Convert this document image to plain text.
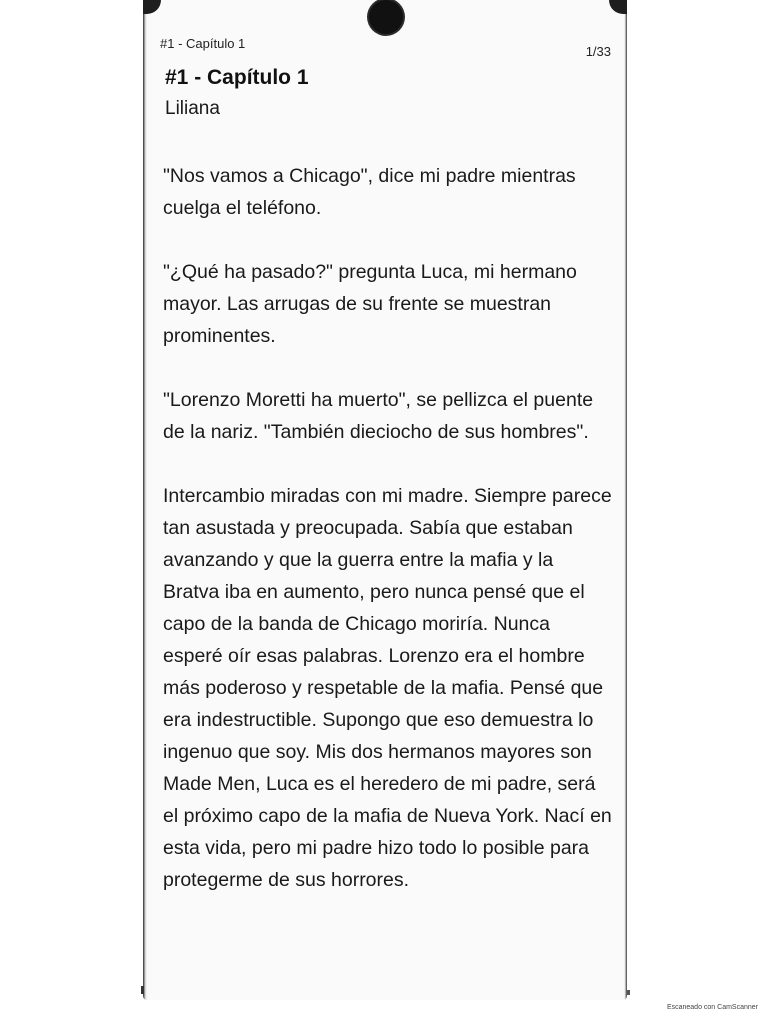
#1 - Capítulo 1
1/33
#1 - Capítulo 1
Liliana

"Nos vamos a Chicago", dice mi padre mientras cuelga el teléfono.

"¿Qué ha pasado?" pregunta Luca, mi hermano mayor. Las arrugas de su frente se muestran prominentes.

"Lorenzo Moretti ha muerto", se pellizca el puente de la nariz. "También dieciocho de sus hombres".

Intercambio miradas con mi madre. Siempre parece tan asustada y preocupada. Sabía que estaban avanzando y que la guerra entre la mafia y la Bratva iba en aumento, pero nunca pensé que el capo de la banda de Chicago moriría. Nunca esperé oír esas palabras. Lorenzo era el hombre más poderoso y respetable de la mafia. Pensé que era indestructible. Supongo que eso demuestra lo ingenuo que soy. Mis dos hermanos mayores son Made Men, Luca es el heredero de mi padre, será el próximo capo de la mafia de Nueva York. Nací en esta vida, pero mi padre hizo todo lo posible para protegerme de sus horrores.

Escaneado con CamScanner
